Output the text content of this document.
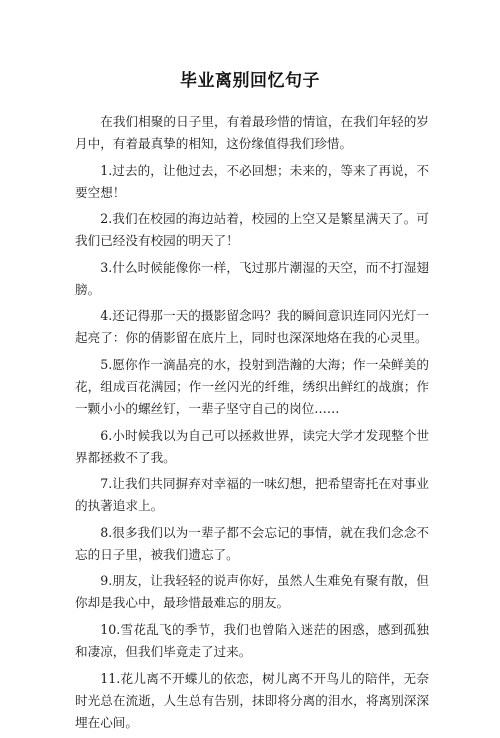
毕业离别回忆句子

在我们相聚的日子里，有着最珍惜的情谊，在我们年轻的岁月中，有着最真挚的相知，这份缘值得我们珍惜。

1.过去的，让他过去，不必回想；未来的，等来了再说，不要空想！

2.我们在校园的海边站着，校园的上空又是繁星满天了。可我们已经没有校园的明天了！

3.什么时候能像你一样，飞过那片潮湿的天空，而不打湿翅膀。

4.还记得那一天的摄影留念吗？我的瞬间意识连同闪光灯一起亮了：你的倩影留在底片上，同时也深深地烙在我的心灵里。

5.愿你作一滴晶亮的水，投射到浩瀚的大海；作一朵鲜美的花，组成百花满园；作一丝闪光的纤维，绣织出鲜红的战旗；作一颗小小的螺丝钉，一辈子坚守自己的岗位……

6.小时候我以为自己可以拯救世界，读完大学才发现整个世界都拯救不了我。

7.让我们共同摒弃对幸福的一味幻想，把希望寄托在对事业的执著追求上。

8.很多我们以为一辈子都不会忘记的事情，就在我们念念不忘的日子里，被我们遗忘了。

9.朋友，让我轻轻的说声你好，虽然人生难免有聚有散，但你却是我心中，最珍惜最难忘的朋友。

10.雪花乱飞的季节，我们也曾陷入迷茫的困惑，感到孤独和凄凉，但我们毕竟走了过来。

11.花儿离不开蝶儿的依恋，树儿离不开鸟儿的陪伴，无奈时光总在流逝，人生总有告别，抹即将分离的泪水，将离别深深埋在心间。
